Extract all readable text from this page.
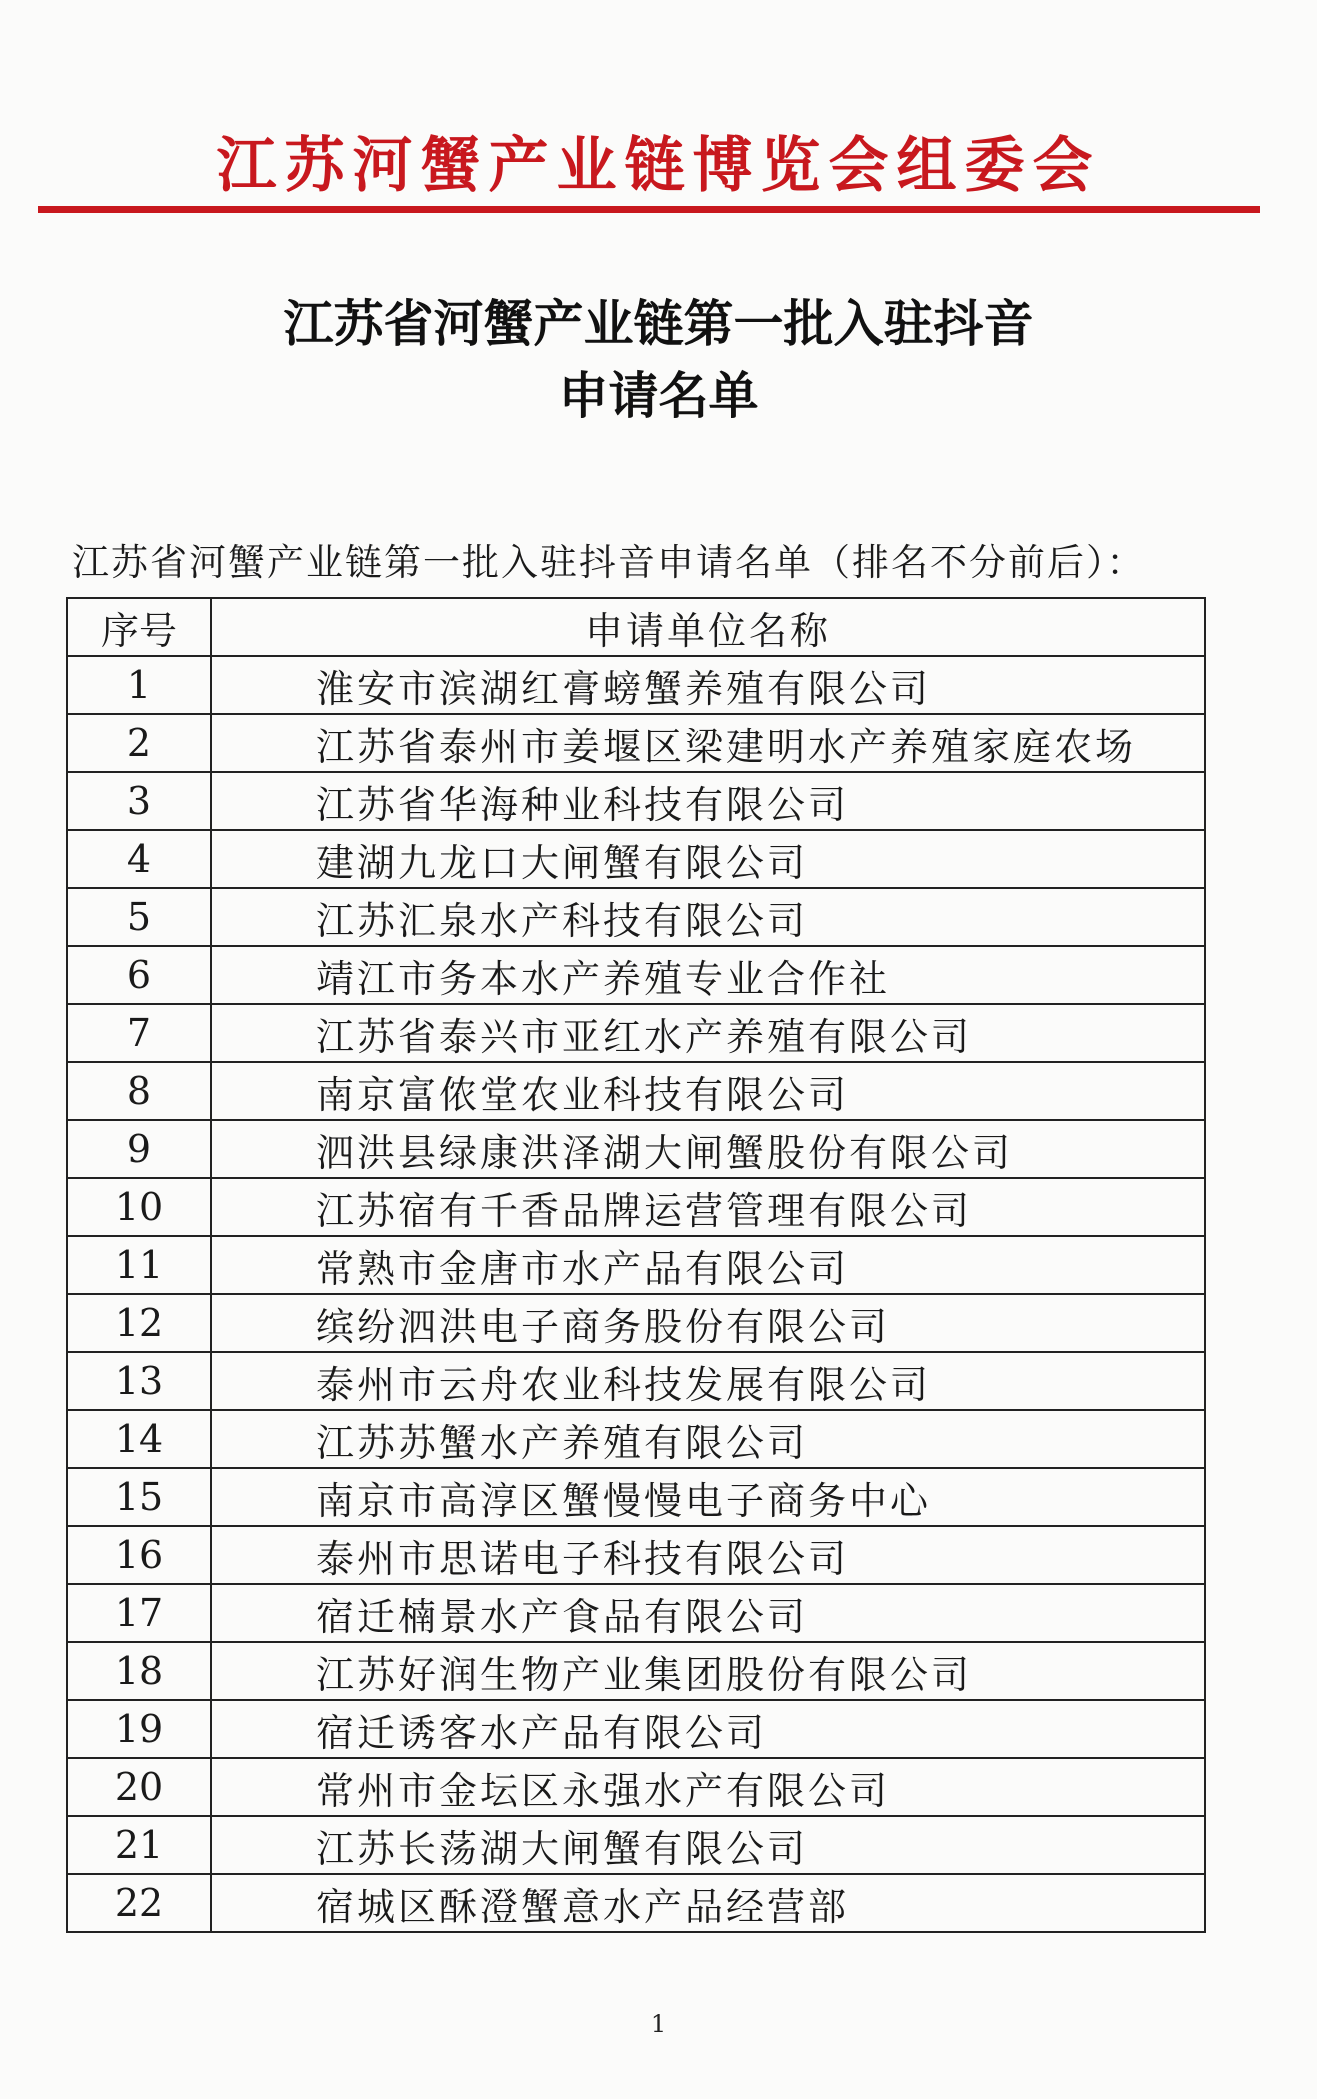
江苏河蟹产业链博览会组委会
江苏省河蟹产业链第一批入驻抖音
申请名单
江苏省河蟹产业链第一批入驻抖音申请名单（排名不分前后）：
序号	申请单位名称
1	淮安市滨湖红膏螃蟹养殖有限公司
2	江苏省泰州市姜堰区梁建明水产养殖家庭农场
3	江苏省华海种业科技有限公司
4	建湖九龙口大闸蟹有限公司
5	江苏汇泉水产科技有限公司
6	靖江市务本水产养殖专业合作社
7	江苏省泰兴市亚红水产养殖有限公司
8	南京富侬堂农业科技有限公司
9	泗洪县绿康洪泽湖大闸蟹股份有限公司
10	江苏宿有千香品牌运营管理有限公司
11	常熟市金唐市水产品有限公司
12	缤纷泗洪电子商务股份有限公司
13	泰州市云舟农业科技发展有限公司
14	江苏苏蟹水产养殖有限公司
15	南京市高淳区蟹慢慢电子商务中心
16	泰州市思诺电子科技有限公司
17	宿迁楠景水产食品有限公司
18	江苏好润生物产业集团股份有限公司
19	宿迁诱客水产品有限公司
20	常州市金坛区永强水产有限公司
21	江苏长荡湖大闸蟹有限公司
22	宿城区酥澄蟹意水产品经营部
1
